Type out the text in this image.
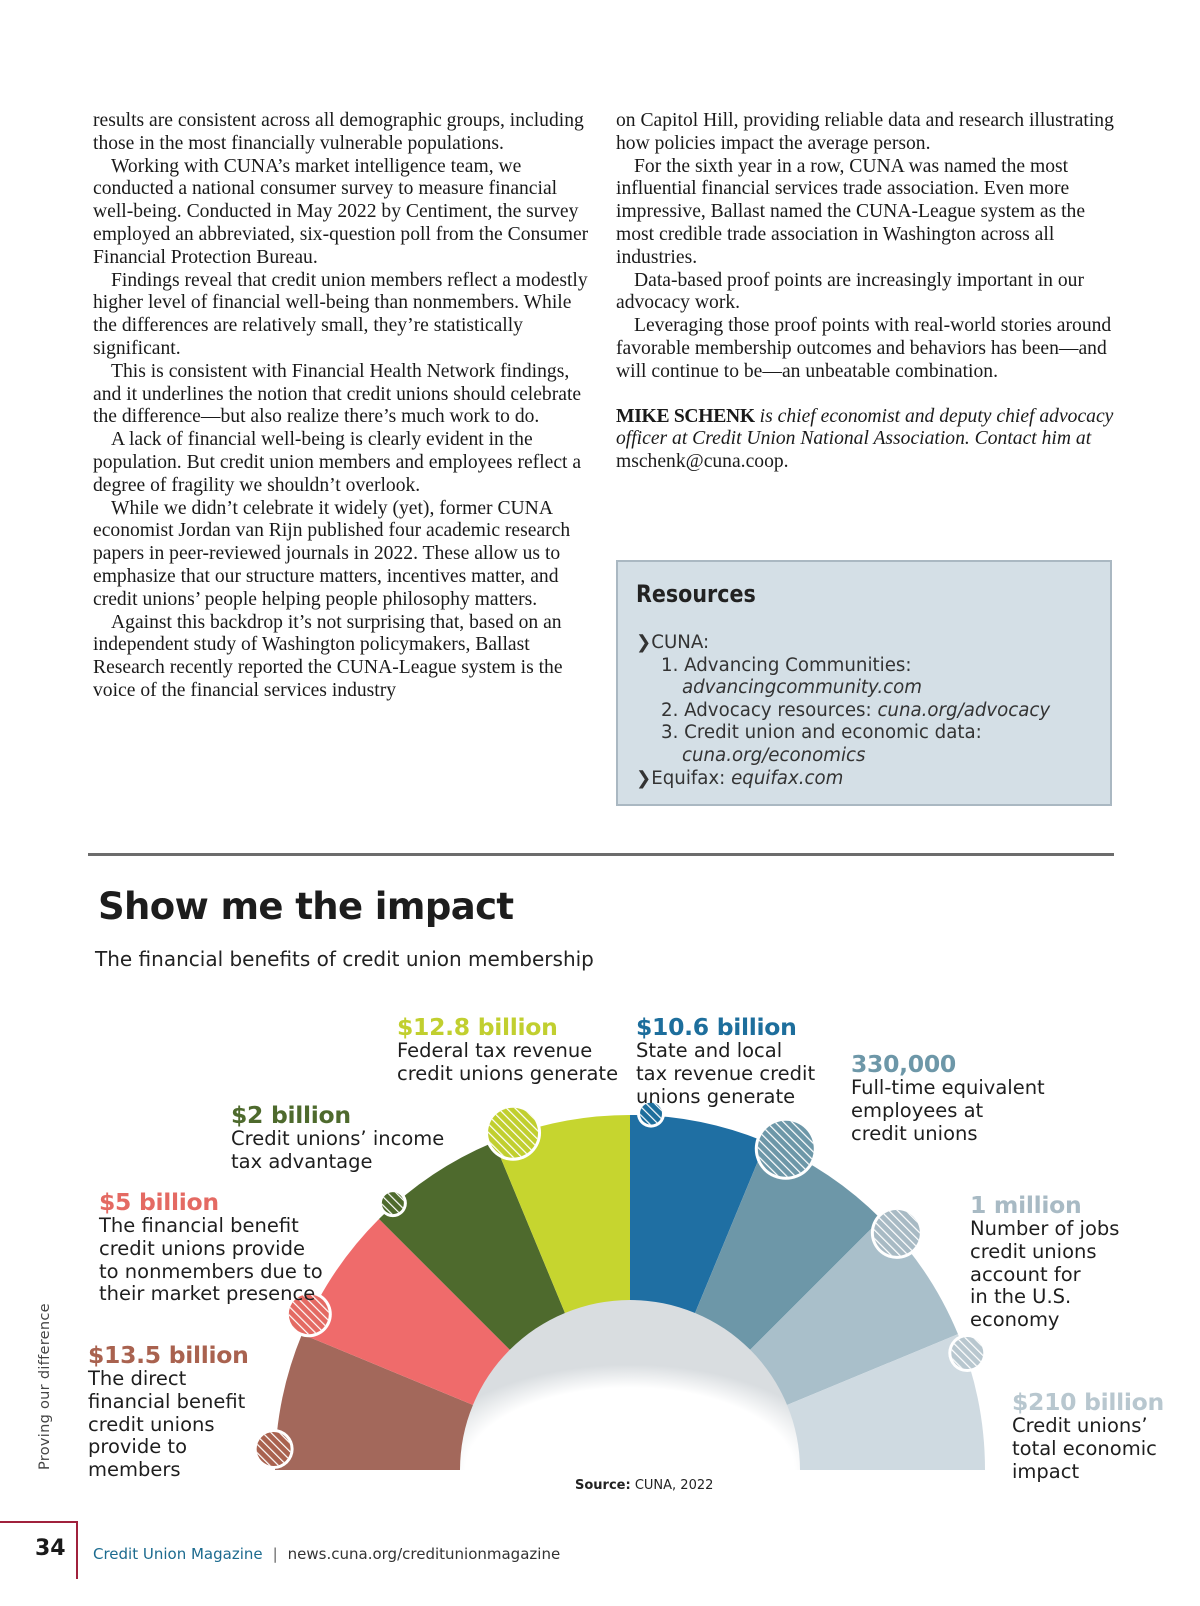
results are consistent across all demographic groups, including those in the most financially vulnerable populations.

Working with CUNA’s market intelligence team, we conducted a national consumer survey to measure financial well-being. Conducted in May 2022 by Centiment, the survey employed an abbreviated, six-question poll from the Consumer Financial Protection Bureau.

Findings reveal that credit union members reflect a modestly higher level of financial well-being than nonmembers. While the differences are relatively small, they’re statistically significant.

This is consistent with Financial Health Network findings, and it underlines the notion that credit unions should celebrate the difference—but also realize there’s much work to do.

A lack of financial well-being is clearly evident in the population. But credit union members and employees reflect a degree of fragility we shouldn’t overlook.

While we didn’t celebrate it widely (yet), former CUNA economist Jordan van Rijn published four academic research papers in peer-reviewed journals in 2022. These allow us to emphasize that our structure matters, incentives matter, and credit unions’ people helping people philosophy matters.

Against this backdrop it’s not surprising that, based on an independent study of Washington policymakers, Ballast Research recently reported the CUNA-League system is the voice of the financial services industry

on Capitol Hill, providing reliable data and research illustrating how policies impact the average person.

For the sixth year in a row, CUNA was named the most influential financial services trade association. Even more impressive, Ballast named the CUNA-League system as the most credible trade association in Washington across all industries.

Data-based proof points are increasingly important in our advocacy work.

Leveraging those proof points with real-world stories around favorable membership outcomes and behaviors has been—and will continue to be—an unbeatable combination.

MIKE SCHENK is chief economist and deputy chief advocacy officer at Credit Union National Association. Contact him at mschenk@cuna.coop.

Resources
❯CUNA:
1. Advancing Communities:
advancingcommunity.com
2. Advocacy resources: cuna.org/advocacy
3. Credit union and economic data:
cuna.org/economics
❯Equifax: equifax.com
Show me the impact
The financial benefits of credit union membership
$13.5 billion
The direct
financial benefit
credit unions
provide to
members
$5 billion
The financial benefit
credit unions provide
to nonmembers due to
their market presence
$2 billion
Credit unions’ income
tax advantage
$12.8 billion
Federal tax revenue
credit unions generate
$10.6 billion
State and local
tax revenue credit
unions generate
330,000
Full-time equivalent
employees at
credit unions
1 million
Number of jobs
credit unions
account for
in the U.S.
economy
$210 billion
Credit unions’
total economic
impact
Source: CUNA, 2022
Proving our difference
34 Credit Union Magazine | news.cuna.org/creditunionmagazine
